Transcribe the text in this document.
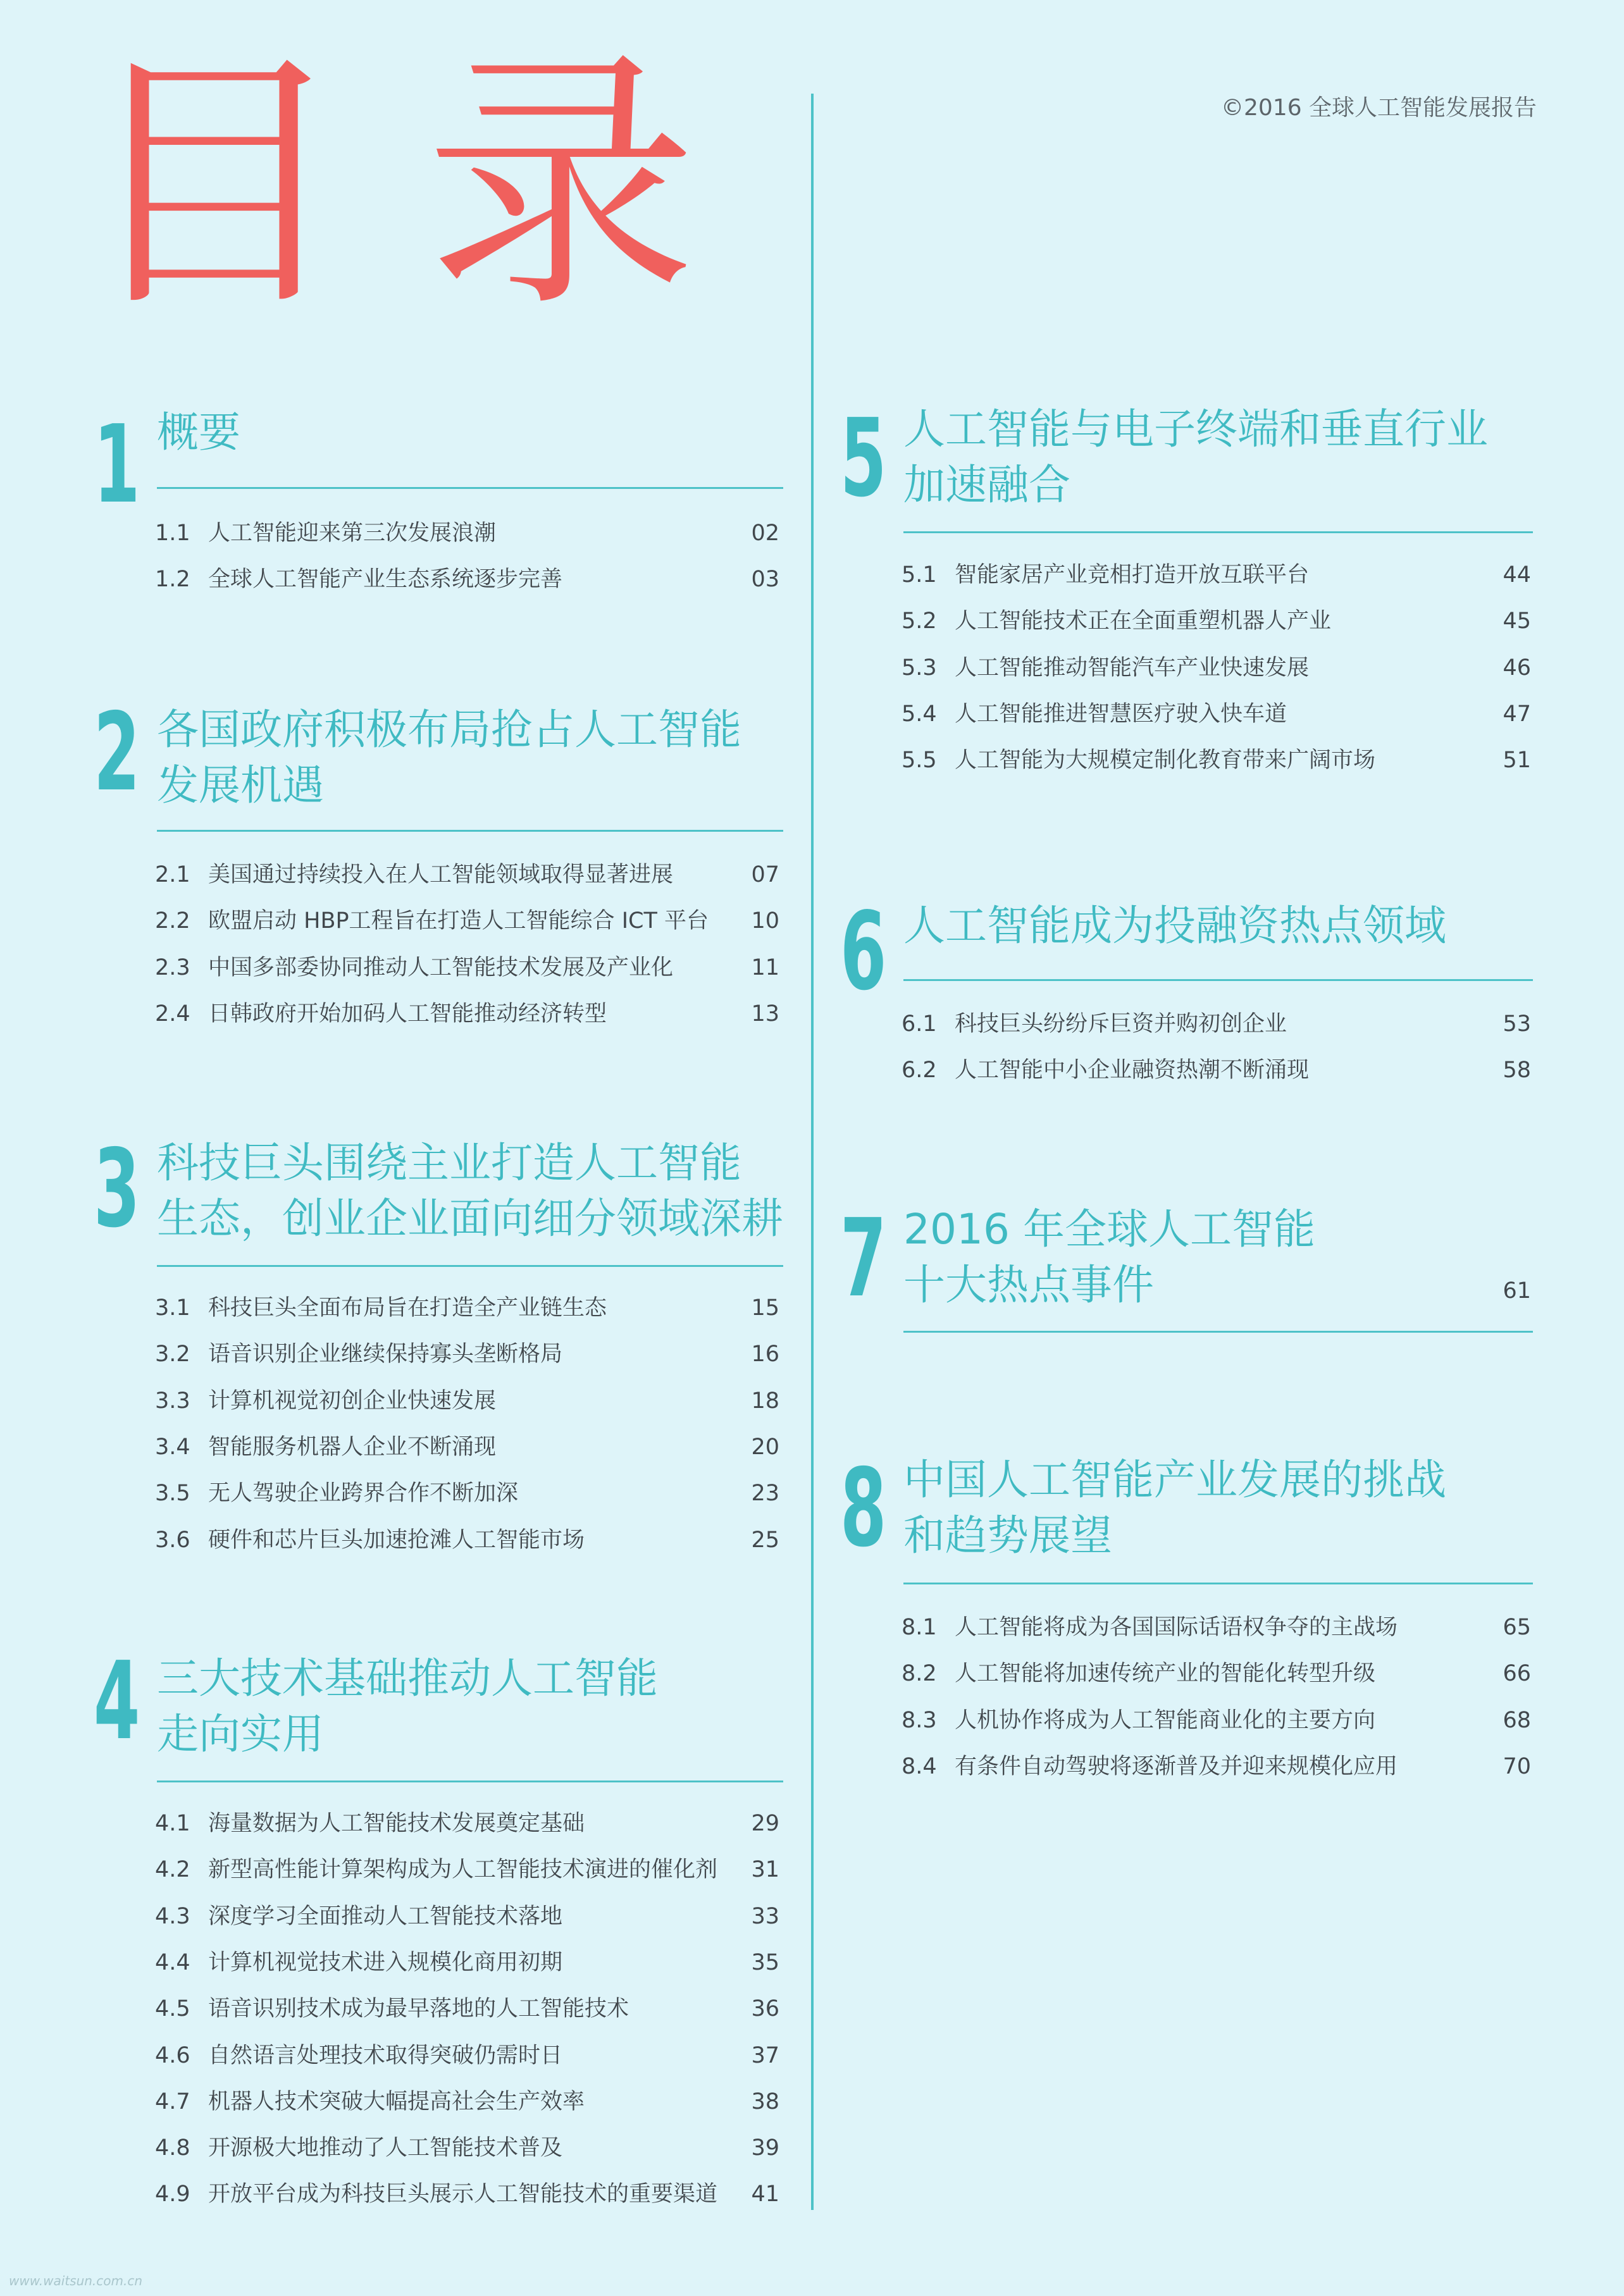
目录	©2016 全球人工智能发展报告
1 概要
1.1 人工智能迎来第三次发展浪潮	02
1.2 全球人工智能产业生态系统逐步完善	03
2 各国政府积极布局抢占人工智能
发展机遇
2.1 美国通过持续投入在人工智能领域取得显著进展	07
2.2 欧盟启动 HBP工程旨在打造人工智能综合 ICT 平台	10
2.3 中国多部委协同推动人工智能技术发展及产业化	11
2.4 日韩政府开始加码人工智能推动经济转型	13
3 科技巨头围绕主业打造人工智能
生态，创业企业面向细分领域深耕
3.1 科技巨头全面布局旨在打造全产业链生态	15
3.2 语音识别企业继续保持寡头垄断格局	16
3.3 计算机视觉初创企业快速发展	18
3.4 智能服务机器人企业不断涌现	20
3.5 无人驾驶企业跨界合作不断加深	23
3.6 硬件和芯片巨头加速抢滩人工智能市场	25
4 三大技术基础推动人工智能
走向实用
4.1 海量数据为人工智能技术发展奠定基础	29
4.2 新型高性能计算架构成为人工智能技术演进的催化剂	31
4.3 深度学习全面推动人工智能技术落地	33
4.4 计算机视觉技术进入规模化商用初期	35
4.5 语音识别技术成为最早落地的人工智能技术	36
4.6 自然语言处理技术取得突破仍需时日	37
4.7 机器人技术突破大幅提高社会生产效率	38
4.8 开源极大地推动了人工智能技术普及	39
4.9 开放平台成为科技巨头展示人工智能技术的重要渠道	41
5 人工智能与电子终端和垂直行业
加速融合
5.1 智能家居产业竞相打造开放互联平台	44
5.2 人工智能技术正在全面重塑机器人产业	45
5.3 人工智能推动智能汽车产业快速发展	46
5.4 人工智能推进智慧医疗驶入快车道	47
5.5 人工智能为大规模定制化教育带来广阔市场	51
6 人工智能成为投融资热点领域
6.1 科技巨头纷纷斥巨资并购初创企业	53
6.2 人工智能中小企业融资热潮不断涌现	58
7 2016 年全球人工智能
十大热点事件	61
8 中国人工智能产业发展的挑战
和趋势展望
8.1 人工智能将成为各国国际话语权争夺的主战场	65
8.2 人工智能将加速传统产业的智能化转型升级	66
8.3 人机协作将成为人工智能商业化的主要方向	68
8.4 有条件自动驾驶将逐渐普及并迎来规模化应用	70
www.waitsun.com.cn
